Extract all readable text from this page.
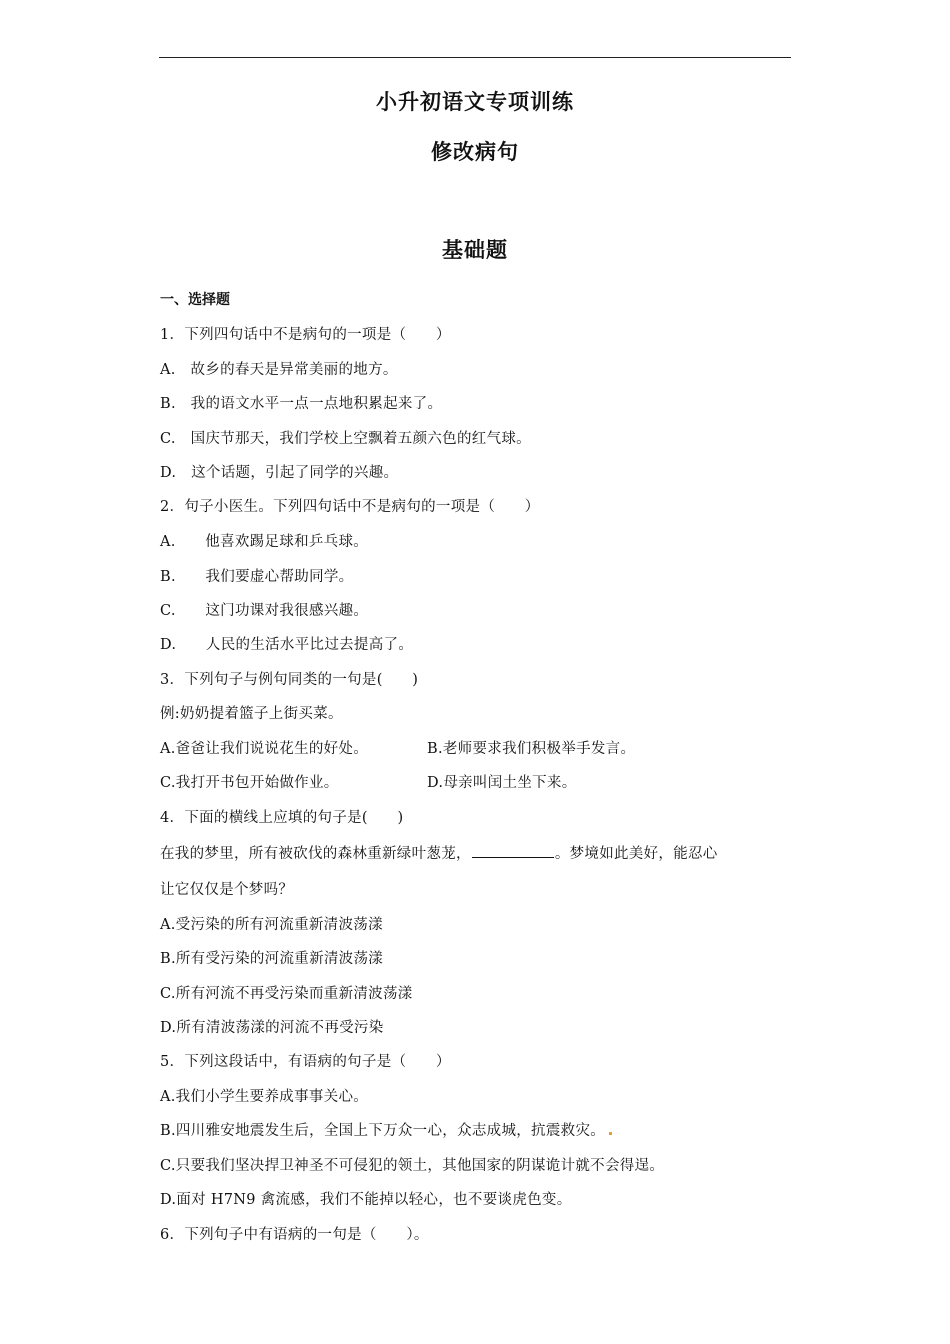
小升初语文专项训练
修改病句
基础题
一、选择题
1．下列四句话中不是病句的一项是（　　）
A.　故乡的春天是异常美丽的地方。
B.　我的语文水平一点一点地积累起来了。
C.　国庆节那天，我们学校上空飘着五颜六色的红气球。
D.　这个话题，引起了同学的兴趣。
2．句子小医生。下列四句话中不是病句的一项是（　　）
A.　　他喜欢踢足球和乒乓球。
B.　　我们要虚心帮助同学。
C.　　这门功课对我很感兴趣。
D.　　人民的生活水平比过去提高了。
3．下列句子与例句同类的一句是(　　)
例:奶奶提着篮子上街买菜。
A.爸爸让我们说说花生的好处。	B.老师要求我们积极举手发言。
C.我打开书包开始做作业。	D.母亲叫闰土坐下来。
4．下面的横线上应填的句子是(　　)
在我的梦里，所有被砍伐的森林重新绿叶葱茏，	。梦境如此美好，能忍心
让它仅仅是个梦吗？
A.受污染的所有河流重新清波荡漾
B.所有受污染的河流重新清波荡漾
C.所有河流不再受污染而重新清波荡漾
D.所有清波荡漾的河流不再受污染
5．下列这段话中，有语病的句子是（　　）
A.我们小学生要养成事事关心。
B.四川雅安地震发生后，全国上下万众一心，众志成城，抗震救灾。
C.只要我们坚决捍卫神圣不可侵犯的领土，其他国家的阴谋诡计就不会得逞。
D.面对 H7N9 禽流感，我们不能掉以轻心，也不要谈虎色变。
6．下列句子中有语病的一句是（　　）。
